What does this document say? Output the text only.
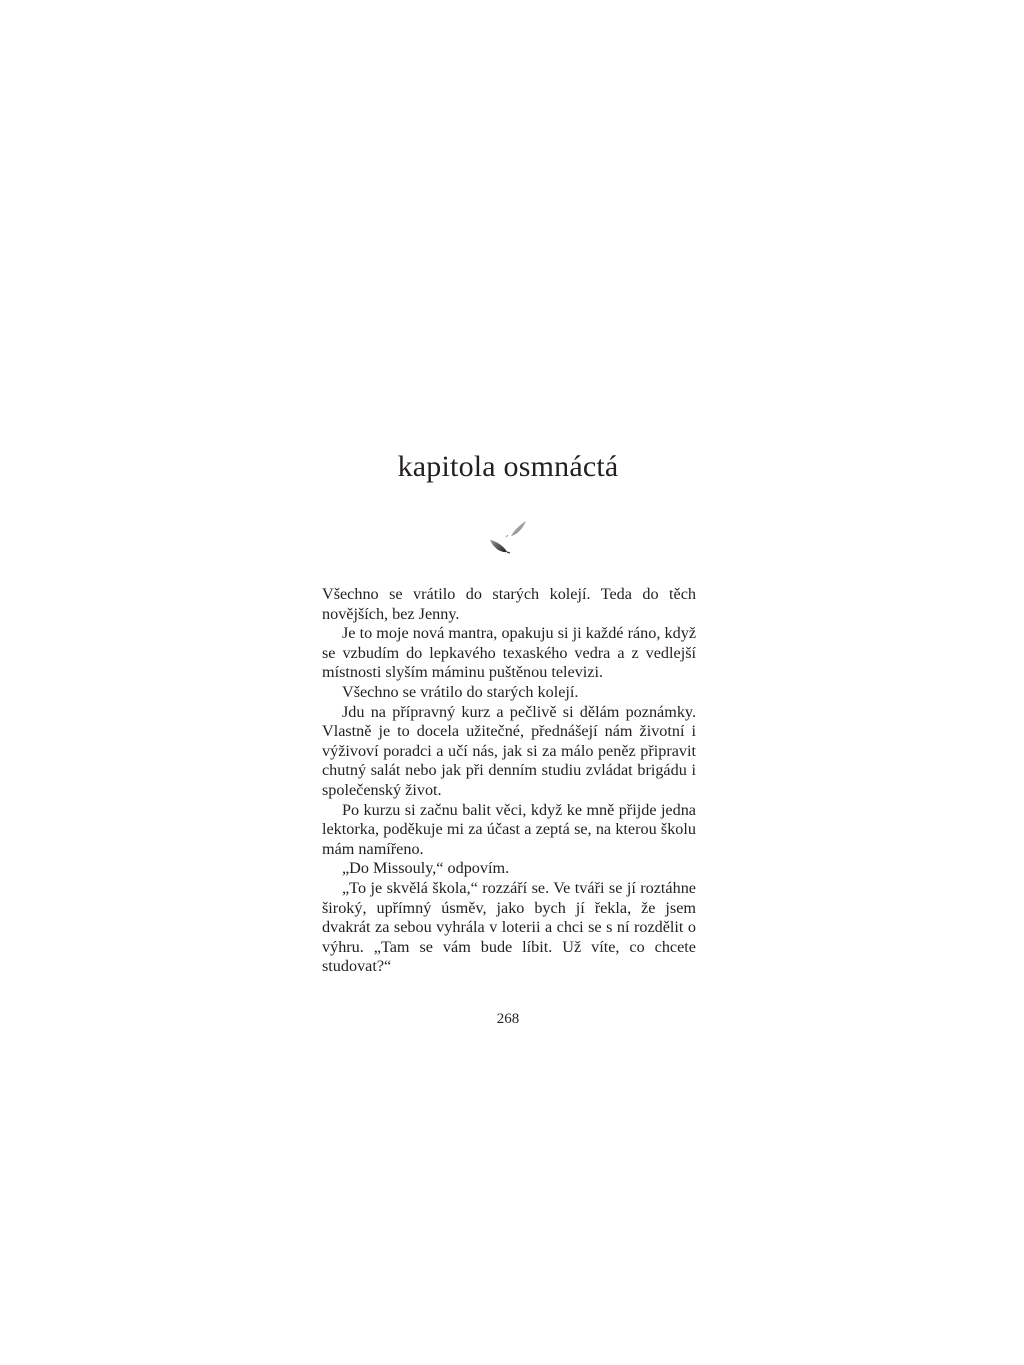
kapitola osmnáctá

Všechno se vrátilo do starých kolejí. Teda do těch novějších, bez Jenny.

Je to moje nová mantra, opakuju si ji každé ráno, když se vzbudím do lepkavého texaského vedra a z vedlejší místnosti slyším máminu puštěnou televizi.

Všechno se vrátilo do starých kolejí.

Jdu na přípravný kurz a pečlivě si dělám poznámky. Vlastně je to docela užitečné, přednášejí nám životní i výživoví poradci a učí nás, jak si za málo peněz připravit chutný salát nebo jak při denním studiu zvládat brigádu i společenský život.

Po kurzu si začnu balit věci, když ke mně přijde jedna lektorka, poděkuje mi za účast a zeptá se, na kterou školu mám namířeno.

„Do Missouly,“ odpovím.

„To je skvělá škola,“ rozzáří se. Ve tváři se jí roztáhne široký, upřímný úsměv, jako bych jí řekla, že jsem dvakrát za sebou vyhrála v loterii a chci se s ní rozdělit o výhru. „Tam se vám bude líbit. Už víte, co chcete studovat?“

268
